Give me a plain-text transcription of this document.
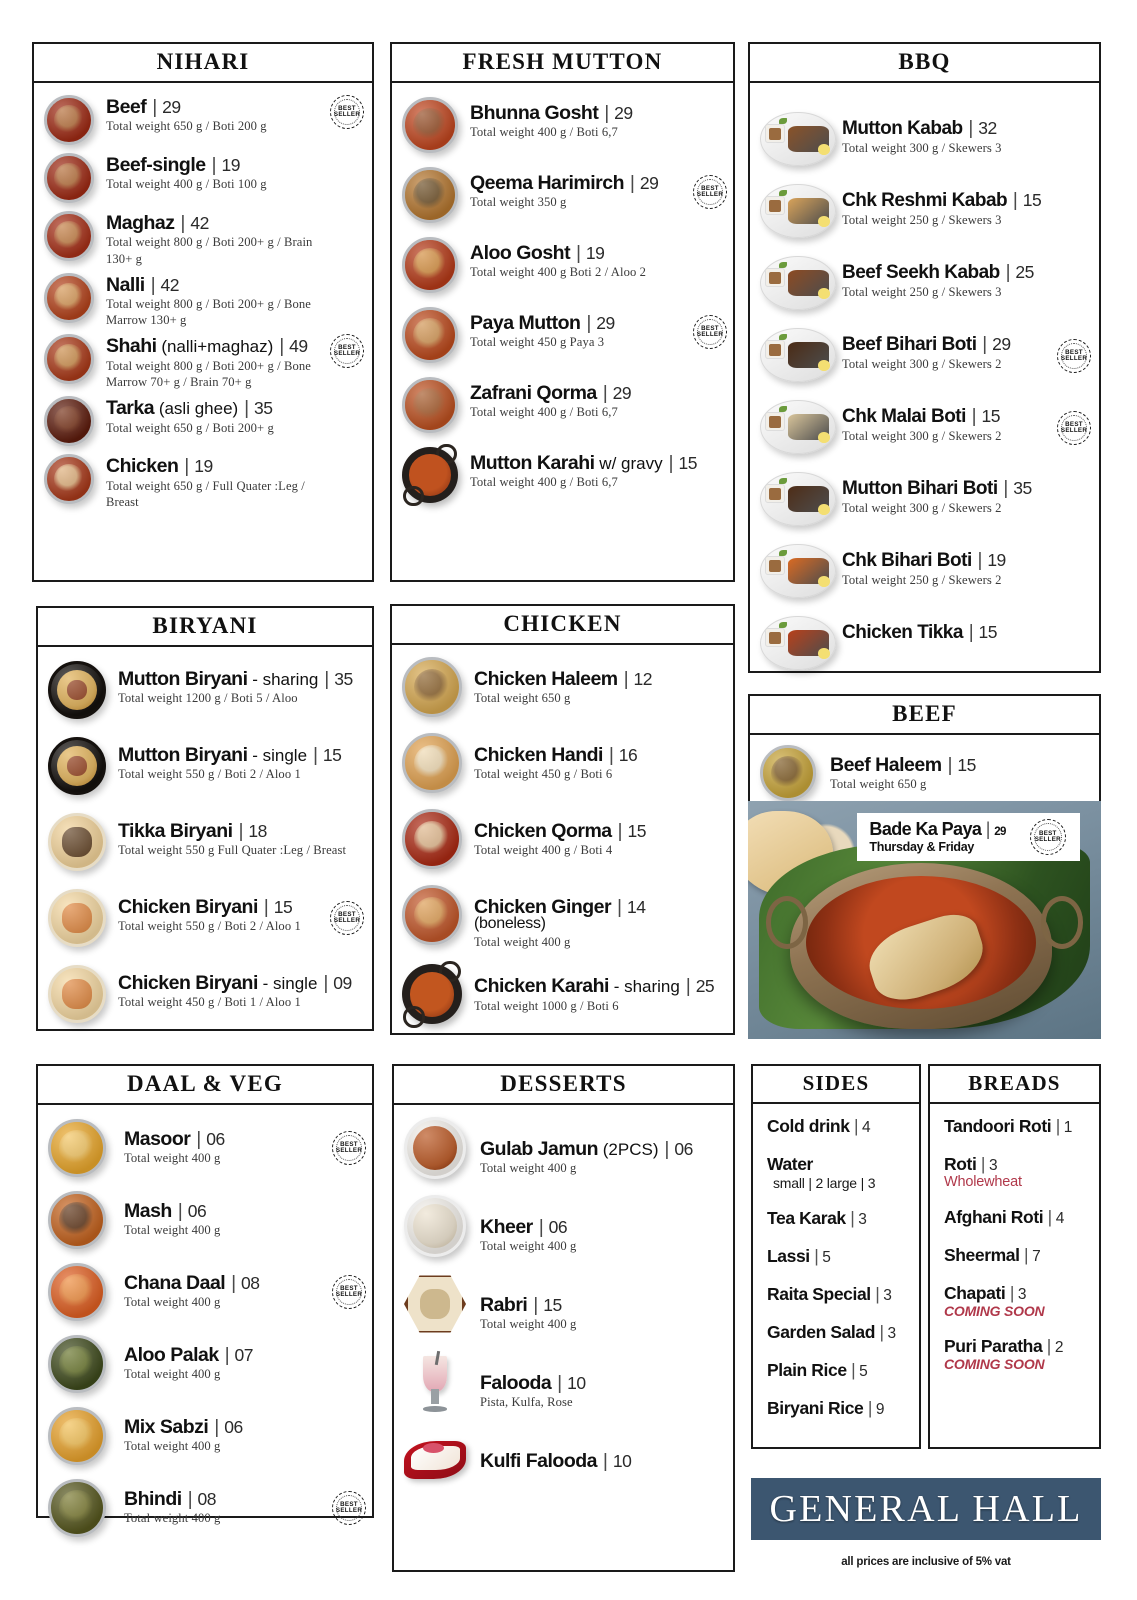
NIHARI
Beef | 29
Total weight 650 g / Boti 200 g
BEST
SELLER
Beef-single | 19
Total weight 400 g / Boti 100 g
Maghaz | 42
Total weight 800 g / Boti 200+ g / Brain 130+ g
Nalli | 42
Total weight 800 g / Boti 200+ g / Bone Marrow 130+ g
Shahi (nalli+maghaz) | 49
Total weight 800 g / Boti 200+ g / Bone Marrow 70+ g / Brain 70+ g
BEST
SELLER
Tarka (asli ghee) | 35
Total weight 650 g / Boti 200+ g
Chicken | 19
Total weight 650 g / Full Quater :Leg / Breast
FRESH MUTTON
Bhunna Gosht | 29
Total weight 400 g / Boti 6,7
Qeema Harimirch | 29
Total weight 350 g
BEST
SELLER
Aloo Gosht | 19
Total weight 400 g Boti 2 / Aloo 2
Paya Mutton | 29
Total weight 450 g Paya 3
BEST
SELLER
Zafrani Qorma | 29
Total weight 400 g / Boti 6,7
Mutton Karahi w/ gravy | 15
Total weight 400 g / Boti 6,7
BBQ
Mutton Kabab | 32
Total weight 300 g / Skewers 3
Chk Reshmi Kabab | 15
Total weight 250 g / Skewers 3
Beef Seekh Kabab | 25
Total weight 250 g / Skewers 3
Beef Bihari Boti | 29
Total weight 300 g / Skewers 2
BEST
SELLER
Chk Malai Boti | 15
Total weight 300 g / Skewers 2
BEST
SELLER
Mutton Bihari Boti | 35
Total weight 300 g / Skewers 2
Chk Bihari Boti | 19
Total weight 250 g / Skewers 2
Chicken Tikka | 15
BIRYANI
Mutton Biryani - sharing | 35
Total weight 1200 g / Boti 5 / Aloo
Mutton Biryani - single | 15
Total weight 550 g / Boti 2 / Aloo 1
Tikka Biryani | 18
Total weight 550 g Full Quater :Leg / Breast
Chicken Biryani | 15
Total weight 550 g / Boti 2 / Aloo 1
BEST
SELLER
Chicken Biryani - single | 09
Total weight 450 g / Boti 1 / Aloo 1
CHICKEN
Chicken Haleem | 12
Total weight 650 g
Chicken Handi | 16
Total weight 450 g / Boti 6
Chicken Qorma | 15
Total weight 400 g / Boti 4
Chicken Ginger | 14
(boneless)
Total weight 400 g
Chicken Karahi - sharing | 25
Total weight 1000 g / Boti 6
BEEF
Beef Haleem | 15
Total weight 650 g
Bade Ka Paya | 29
Thursday & Friday
BEST
SELLER
DAAL & VEG
Masoor | 06
Total weight 400 g
BEST
SELLER
Mash | 06
Total weight 400 g
Chana Daal | 08
Total weight 400 g
BEST
SELLER
Aloo Palak | 07
Total weight 400 g
Mix Sabzi | 06
Total weight 400 g
Bhindi | 08
Total weight 400 g
BEST
SELLER
DESSERTS
Gulab Jamun (2PCS) | 06
Total weight 400 g
Kheer | 06
Total weight 400 g
Rabri | 15
Total weight 400 g
Falooda | 10
Pista, Kulfa, Rose
Kulfi Falooda | 10
SIDES
Cold drink | 4
Water
small | 2 large | 3
Tea Karak | 3
Lassi | 5
Raita Special | 3
Garden Salad | 3
Plain Rice | 5
Biryani Rice | 9
BREADS
Tandoori Roti | 1
Roti | 3
Wholewheat
Afghani Roti | 4
Sheermal | 7
Chapati | 3
COMING SOON
Puri Paratha | 2
COMING SOON
GENERAL HALL
all prices are inclusive of 5% vat
